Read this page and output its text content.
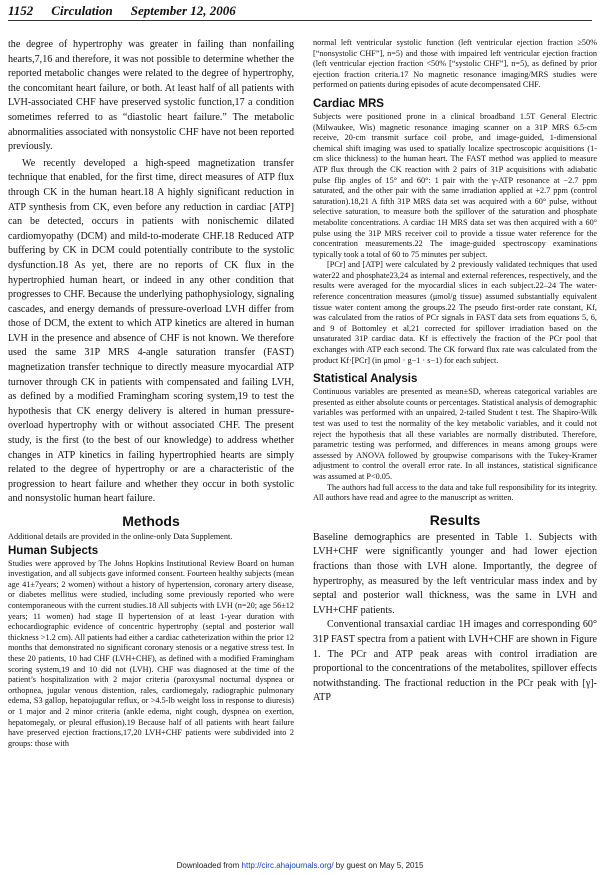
1152 Circulation September 12, 2006

the degree of hypertrophy was greater in failing than nonfailing hearts,7,16 and therefore, it was not possible to determine whether the reported metabolic changes were related to the degree of hypertrophy, the concomitant heart failure, or both. At least half of all patients with LVH-associated CHF have preserved systolic function,17 a condition sometimes referred to as “diastolic heart failure.” The metabolic abnormalities associated with nonsystolic CHF have not been reported previously.

We recently developed a high-speed magnetization transfer technique that enabled, for the first time, direct measures of ATP flux through CK in the human heart.18 A highly significant reduction in ATP synthesis from CK, even before any reduction in cardiac [ATP] can be detected, occurs in patients with nonischemic dilated cardiomyopathy (DCM) and mild-to-moderate CHF.18 Reduced ATP buffering by CK in DCM could potentially contribute to the systolic dysfunction.18 As yet, there are no reports of CK flux in the hypertrophied human heart, or indeed in any other condition that progresses to CHF. Because the underlying pathophysiology, signaling cascades, and energy demands of pressure-overload LVH differ from those of DCM, the extent to which ATP kinetics are altered in human LVH in the presence and absence of CHF is not known. We therefore used the same 31P MRS 4-angle saturation transfer (FAST) magnetization transfer technique to directly measure myocardial ATP turnover through CK in patients with compensated and failing LVH, as defined by a modified Framingham scoring system,19 to test the hypothesis that CK energy delivery is altered in human pressure-overload hypertrophy with or without associated CHF. The present study, is the first (to the best of our knowledge) to address whether changes in ATP kinetics in failing hypertrophied hearts are simply related to the degree of hypertrophy or are a characteristic of the progression to heart failure and whether they occur in both systolic and nonsystolic human heart failure.

Methods

Additional details are provided in the online-only Data Supplement.

Human Subjects

Studies were approved by The Johns Hopkins Institutional Review Board on human investigation, and all subjects gave informed consent. Fourteen healthy subjects (mean age 41±7years; 2 women) without a history of hypertension, coronary artery disease, or diabetes mellitus were studied, including some previously reported who were contemporaneous with the current studies.18 All subjects with LVH (n=20; age 56±12 years; 11 women) had stage II hypertension of at least 1-year duration with echocardiographic evidence of concentric hypertrophy (septal and posterior wall thickness >1.2 cm). All patients had either a cardiac catheterization within the prior 12 months that demonstrated no significant coronary stenosis or a negative stress test. In these 20 patients, 10 had CHF (LVH+CHF), as defined with a modified Framingham scoring system,19 and 10 did not (LVH). CHF was diagnosed at the time of the patient’s hospitalization with 2 major criteria (paroxysmal nocturnal dyspnea or orthopnea, jugular venous distention, rales, cardiomegaly, radiographic pulmonary edema, S3 gallop, hepatojugular reflux, or >4.5-lb weight loss in response to diuresis) or 1 major and 2 minor criteria (ankle edema, night cough, dyspnea on exertion, hepatomegaly, or pleural effusion).19 Because half of all patients with heart failure have preserved ejection fractions,17,20 LVH+CHF patients were subdivided into 2 groups: those with

normal left ventricular systolic function (left ventricular ejection fraction ≥50% [“nonsystolic CHF”], n=5) and those with impaired left ventricular ejection fraction (left ventricular ejection fraction <50% [“systolic CHF”], n=5), as defined by prior ejection fraction criteria.17 No magnetic resonance imaging/MRS studies were performed on patients during episodes of acute decompensated CHF.

Cardiac MRS

Subjects were positioned prone in a clinical broadband 1.5T General Electric (Milwaukee, Wis) magnetic resonance imaging scanner on a 31P MRS 6.5-cm receive, 20-cm transmit surface coil probe, and image-guided, 1-dimensional chemical shift imaging was used to spatially localize spectroscopic acquisitions (1-cm slice thickness) to the human heart. The FAST method was applied to measure ATP flux through the CK reaction with 2 pairs of 31P acquisitions with adiabatic pulse flip angles of 15° and 60°: 1 pair with the γ-ATP resonance at −2.7 ppm saturated, and the other pair with the same irradiation applied at +2.7 ppm (control saturation).18,21 A fifth 31P MRS data set was acquired with a 60° pulse, without selective saturation, to measure both the spillover of the saturation and phosphate metabolite concentrations. A cardiac 1H MRS data set was then acquired with a 60° pulse using the 31P MRS receiver coil to provide a tissue water reference for the concentration measurements.22 The image-guided spectroscopy examinations typically took a total of 60 to 75 minutes per subject.

[PCr] and [ATP] were calculated by 2 previously validated techniques that used water22 and phosphate23,24 as internal and external references, respectively, and the results were averaged for the myocardial slices in each subject.22–24 The water-reference concentration measures (μmol/g tissue) assumed substantially equivalent tissue water content among the groups.22 The pseudo first-order rate constant, Kf, was calculated from the ratios of PCr signals in FAST data sets from equations 5, 6, and 9 of Bottomley et al,21 corrected for spillover irradiation based on the unsaturated 31P cardiac data. Kf is effectively the fraction of the PCr pool that exchanges with ATP each second. The CK forward flux rate was calculated from the product Kf·[PCr] (in μmol · g−1 · s−1) for each subject.

Statistical Analysis

Continuous variables are presented as mean±SD, whereas categorical variables are presented as either absolute counts or percentages. Statistical analysis of demographic variables was performed with an unpaired, 2-tailed Student t test. The Shapiro-Wilk test was used to test the normality of the key metabolic variables, and it could not reject the hypothesis that all these variables are normally distributed. Therefore, parametric testing was performed, and differences in means among groups were assessed by ANOVA followed by groupwise comparisons with the Tukey-Kramer adjustment to control the overall error rate. In all instances, statistical significance was assumed at P<0.05.

The authors had full access to the data and take full responsibility for its integrity. All authors have read and agree to the manuscript as written.

Results

Baseline demographics are presented in Table 1. Subjects with LVH+CHF were significantly younger and had lower ejection fractions than those with LVH alone. Importantly, the degree of hypertrophy, as measured by the left ventricular mass index and by septal and posterior wall thickness, was the same in LVH and LVH+CHF patients.

Conventional transaxial cardiac 1H images and corresponding 60° 31P FAST spectra from a patient with LVH+CHF are shown in Figure 1. The PCr and ATP peak areas with control irradiation are proportional to the concentrations of the metabolites, spillover effects notwithstanding. The fractional reduction in the PCr peak with [γ]-ATP

Downloaded from http://circ.ahajournals.org/ by guest on May 5, 2015
